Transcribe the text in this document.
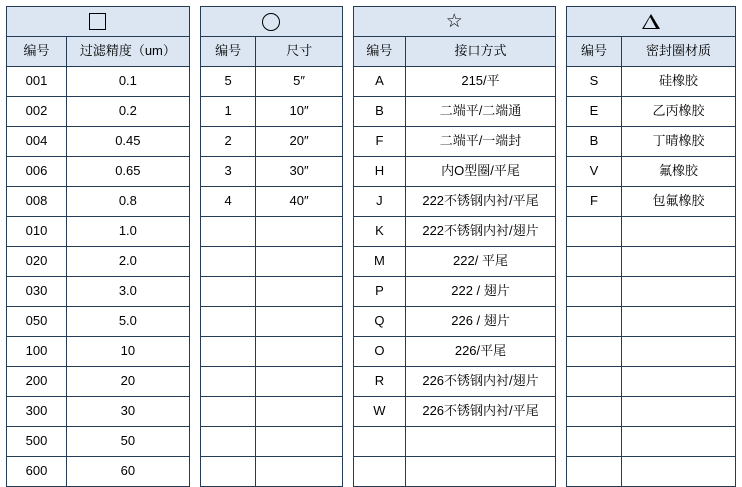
编号	过滤精度（um）
001	0.1
002	0.2
004	0.45
006	0.65
008	0.8
010	1.0
020	2.0
030	3.0
050	5.0
100	10
200	20
300	30
500	50
600	60

编号	尺寸
5	5″
1	10″
2	20″
3	30″
4	40″

☆	
编号	接口方式
A	215/平
B	二端平/二端通
F	二端平/一端封
H	内O型圈/平尾
J	222不锈钢内衬/平尾
K	222不锈钢内衬/翅片
M	222/ 平尾
P	222 / 翅片
Q	226 / 翅片
O	226/平尾
R	226不锈钢内衬/翅片
W	226不锈钢内衬/平尾

编号	密封圈材质
S	硅橡胶
E	乙丙橡胶
B	丁晴橡胶
V	氟橡胶
F	包氟橡胶
